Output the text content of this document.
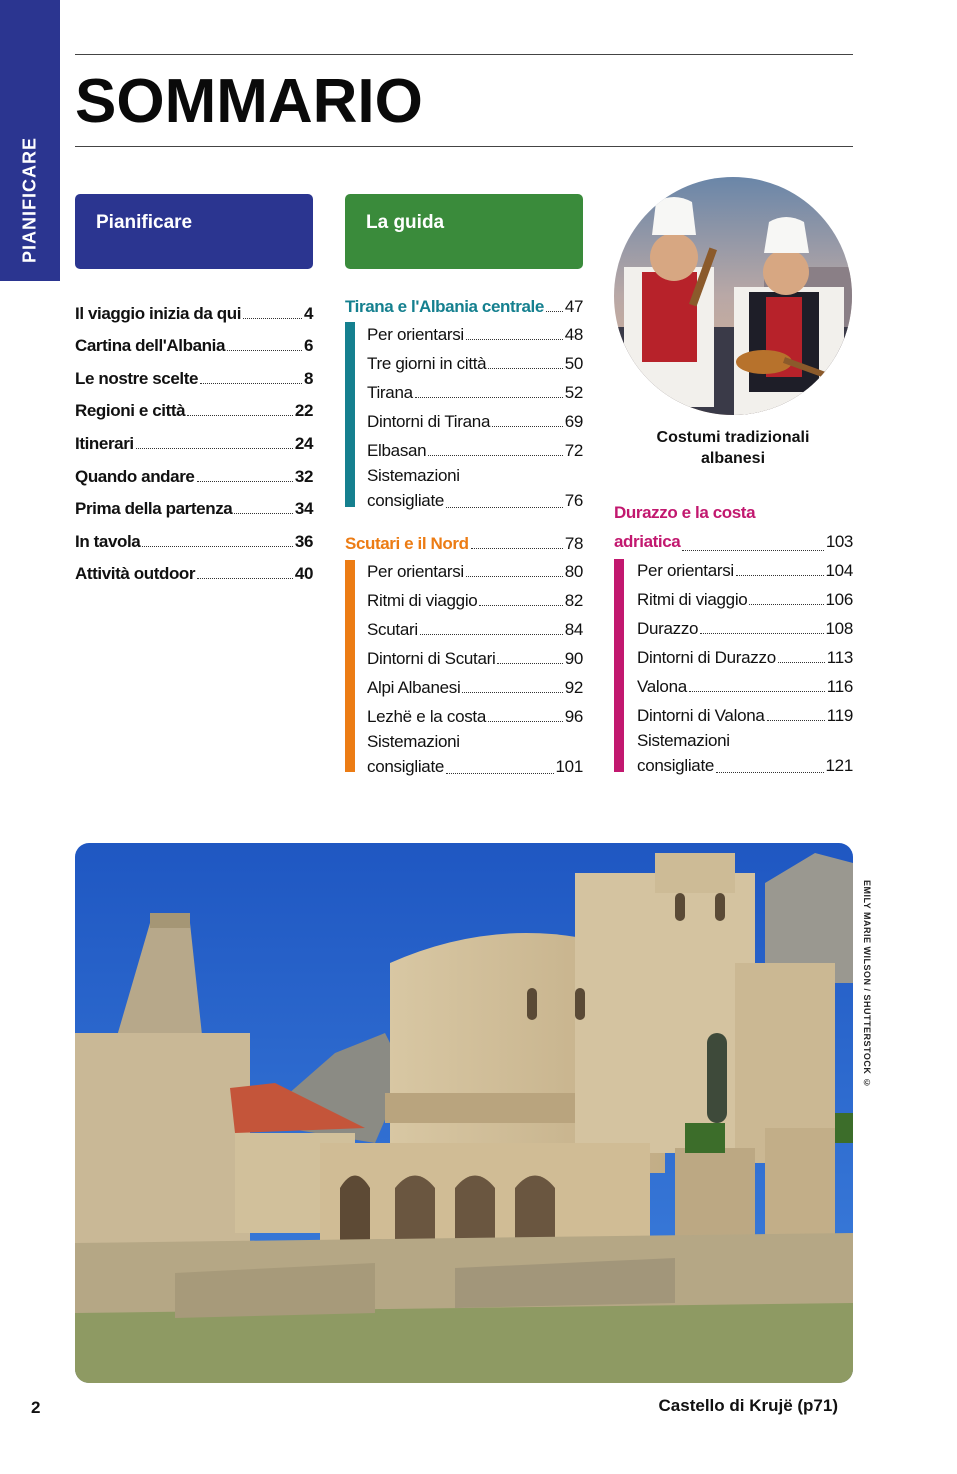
PIANIFICARE
SOMMARIO
Pianificare	La guida
Il viaggio inizia da qui	4
Cartina dell'Albania	6
Le nostre scelte	8
Regioni e città	22
Itinerari	24
Quando andare	32
Prima della partenza	34
In tavola	36
Attività outdoor	40
Tirana e l'Albania centrale 47
Per orientarsi	48
Tre giorni in città	50
Tirana	52
Dintorni di Tirana	69
Elbasan	72
Sistemazioni
consigliate	76
Scutari e il Nord	78
Per orientarsi	80
Ritmi di viaggio	82
Scutari	84
Dintorni di Scutari	90
Alpi Albanesi	92
Lezhë e la costa	96
Sistemazioni
consigliate	101
Costumi tradizionali
albanesi
Durazzo e la costa
adriatica	103
Per orientarsi	104
Ritmi di viaggio	106
Durazzo	108
Dintorni di Durazzo	113
Valona	116
Dintorni di Valona	119
Sistemazioni
consigliate	121
EMILY MARIE WILSON / SHUTTERSTOCK ©
2	Castello di Krujë (p71)
